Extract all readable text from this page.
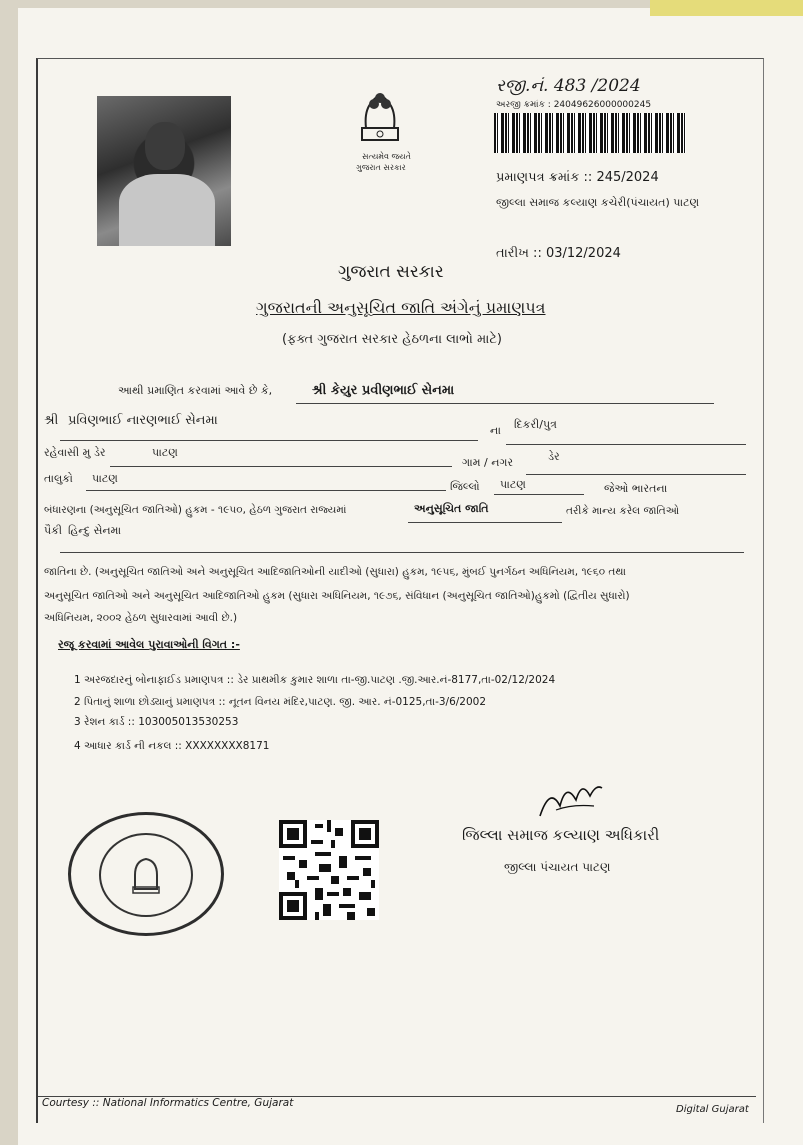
સત્યમેવ જયતે
ગુજરાત સરકાર
રજી.નં. 483 /2024
અરજી ક્રમાંક : 24049626000000245
પ્રમાણપત્ર ક્રમાંક :: 245/2024
જીલ્લા સમાજ કલ્યાણ કચેરી(પંચાયત) પાટણ
તારીખ :: 03/12/2024
ગુજરાત સરકાર
ગુજરાતની અનુસૂચિત જાતિ અંગેનું પ્રમાણપત્ર
(ફક્ત ગુજરાત સરકાર હેઠળના લાભો માટે)
આથી પ્રમાણિત કરવામાં આવે છે કે,	શ્રી કેયુર પ્રવીણભાઈ સેનમા
શ્રી પ્રવિણભાઈ નારણભાઈ સેનમા
ના દિકરી/પુત્ર
રહેવાસી મુ ડેર	પાટણ
ગામ / નગર	ડેર
તાલુકો પાટણ
જિલ્લો પાટણ	જેઓ ભારતના
બંધારણના (અનુસૂચિત જાતિઓ) હુકમ - ૧૯૫૦, હેઠળ ગુજરાત રાજ્યમાં	અનુસૂચિત જાતિ	તરીકે માન્ય કરેલ જાતિઓ
પૈકી હિન્દુ સેનમા
જાતિના છે. (અનુસૂચિત જાતિઓ અને અનુસૂચિત આદિજાતિઓની યાદીઓ (સુધારા) હુકમ, ૧૯૫૬, મુંબઈ પુનર્ગઠન અધિનિયમ, ૧૯૬૦ તથા
અનુસૂચિત જાતિઓ અને અનુસૂચિત આદિજાતિઓ હુકમ (સુધારા અધિનિયમ, ૧૯૭૬, સંવિધાન (અનુસૂચિત જાતિઓ)હુકમો (દ્વિતીય સુધારો)
અધિનિયમ, ૨૦૦૨ હેઠળ સુધારવામાં આવી છે.)
રજૂ કરવામાં આવેલ પુરાવાઓની વિગત :-
1 અરજદારનું બોનાફાઈડ પ્રમાણપત્ર :: ડેર પ્રાથમીક કુમાર શાળા તા-જી.પાટણ .જી.આર.નં-8177,તા-02/12/2024
2 પિતાનું શાળા છોડ્યાનું પ્રમાણપત્ર :: નૂતન વિનય મંદિર,પાટણ. જી. આર. નં-0125,તા-3/6/2002
3 રેશન કાર્ડ :: 103005013530253
4 આધાર કાર્ડ ની નકલ :: XXXXXXXX8171
જિલ્લા સમાજ કલ્યાણ અધિકારી
જીલ્લા પંચાયત પાટણ
Courtesy :: National Informatics Centre, Gujarat
Digital Gujarat
